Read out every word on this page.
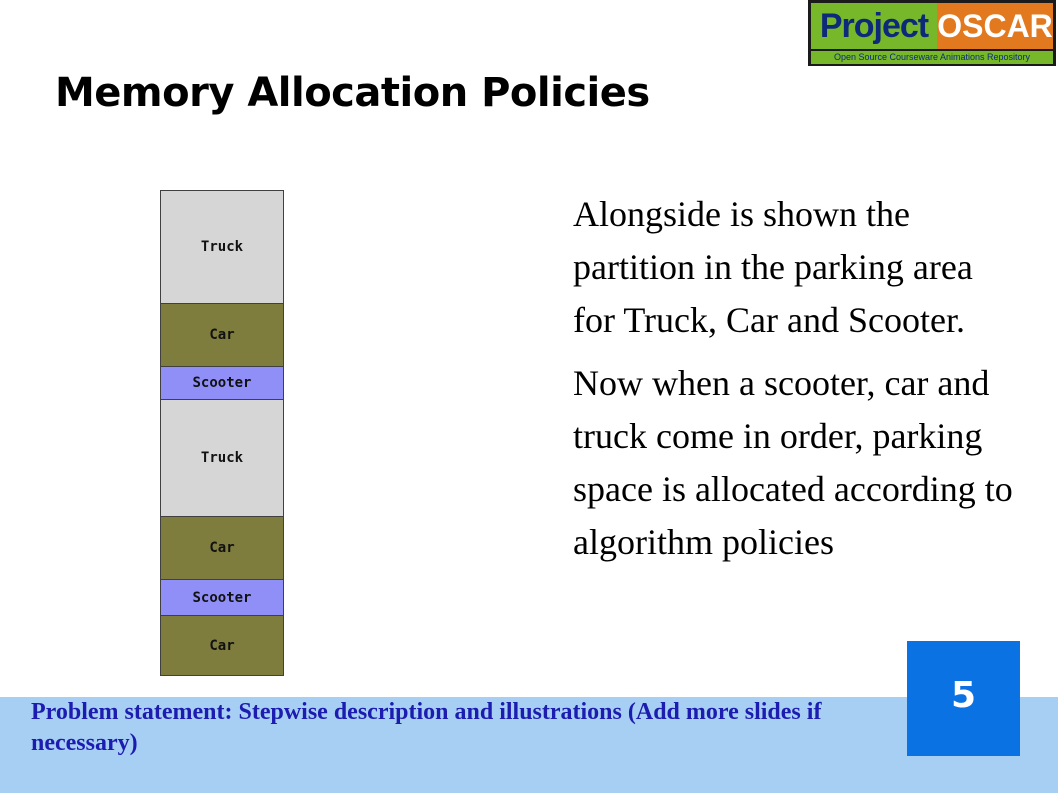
Project OSCAR
Open Source Courseware Animations Repository
Memory Allocation Policies
Truck
Car
Scooter
Truck
Car
Scooter
Car

Alongside is shown the partition in the parking area for Truck, Car and Scooter.

Now when a scooter, car and truck come in order, parking space is allocated according to algorithm policies

Problem statement: Stepwise description and illustrations (Add more slides if necessary)
5
